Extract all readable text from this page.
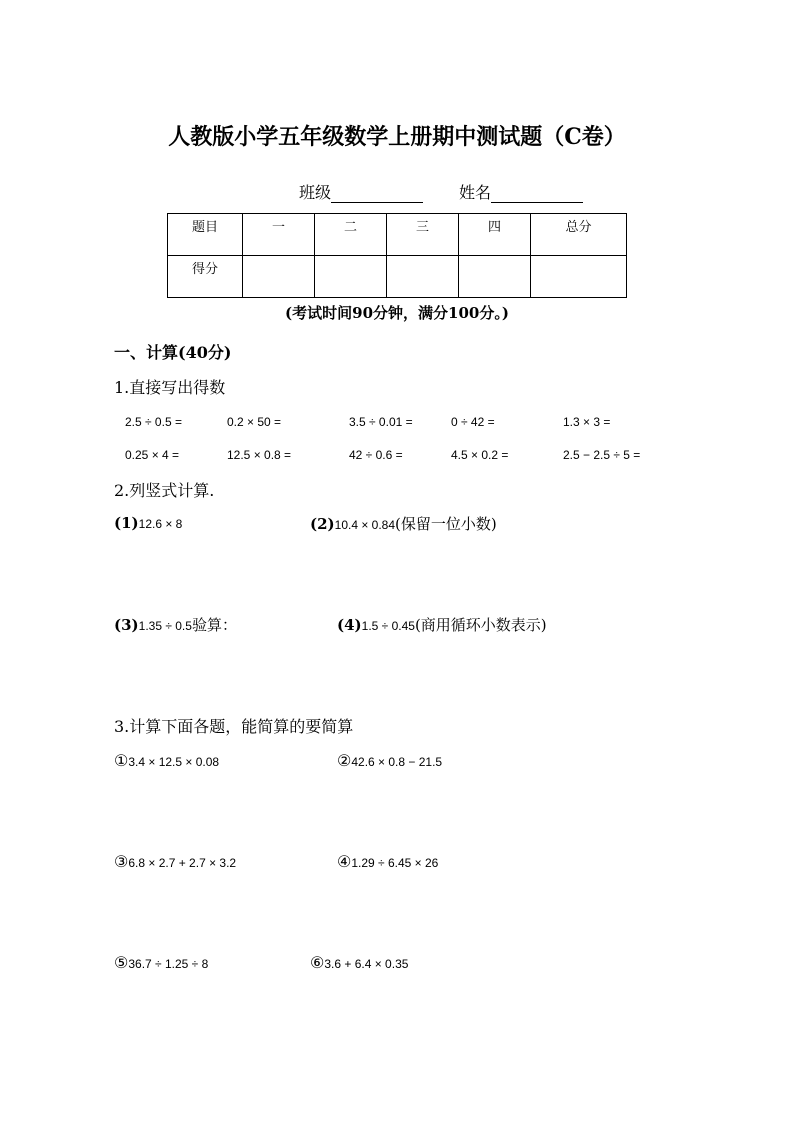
人教版小学五年级数学上册期中测试题（C卷）
班级	姓名
题目	一	二	三	四	总分
得分					
(考试时间90分钟，满分100分。)
一、计算(40分)
1.直接写出得数
2.5 ÷ 0.5 =	0.2 × 50 =	3.5 ÷ 0.01 =	0 ÷ 42 =	1.3 × 3 =
0.25 × 4 =	12.5 × 0.8 =	42 ÷ 0.6 =	4.5 × 0.2 =	2.5 − 2.5 ÷ 5 =
2.列竖式计算.
(1)12.6 × 8	(2)10.4 × 0.84(保留一位小数)
(3)1.35 ÷ 0.5验算：	(4)1.5 ÷ 0.45(商用循环小数表示)
3.计算下面各题，能简算的要简算
①3.4 × 12.5 × 0.08	②42.6 × 0.8 − 21.5
③6.8 × 2.7 + 2.7 × 3.2	④1.29 ÷ 6.45 × 26
⑤36.7 ÷ 1.25 ÷ 8	⑥3.6 + 6.4 × 0.35
